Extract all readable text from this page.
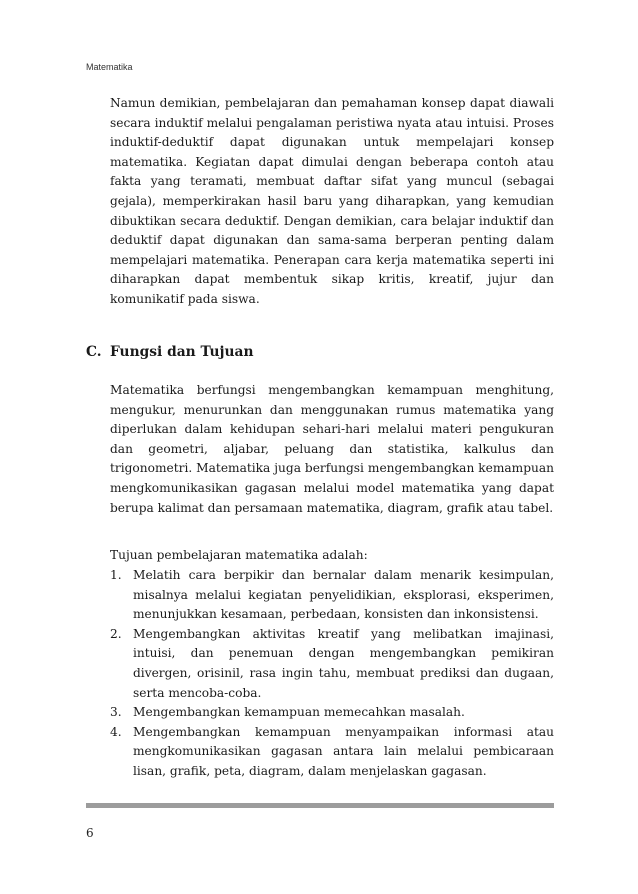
Matematika

Namun demikian, pembelajaran dan pemahaman konsep dapat diawali secara induktif melalui pengalaman peristiwa nyata atau intuisi. Proses induktif-deduktif dapat digunakan untuk mempelajari konsep matematika. Kegiatan dapat dimulai dengan beberapa contoh atau fakta yang teramati, membuat daftar sifat yang muncul (sebagai gejala), memperkirakan hasil baru yang diharapkan, yang kemudian dibuktikan secara deduktif. Dengan demikian, cara belajar induktif dan deduktif dapat digunakan dan sama-sama berperan penting dalam mempelajari matematika. Penerapan cara kerja matematika seperti ini diharapkan dapat membentuk sikap kritis, kreatif, jujur dan komunikatif pada siswa.

C. Fungsi dan Tujuan

Matematika berfungsi mengembangkan kemampuan menghitung, mengukur, menurunkan dan menggunakan rumus matematika yang diperlukan dalam kehidupan sehari-hari melalui materi pengukuran dan geometri, aljabar, peluang dan statistika, kalkulus dan trigonometri. Matematika juga berfungsi mengembangkan kemampuan mengkomunikasikan gagasan melalui model matematika yang dapat berupa kalimat dan persamaan matematika, diagram, grafik atau tabel.

Tujuan pembelajaran matematika adalah:

1. Melatih cara berpikir dan bernalar dalam menarik kesimpulan, misalnya melalui kegiatan penyelidikian, eksplorasi, eksperimen, menunjukkan kesamaan, perbedaan, konsisten dan inkonsistensi.
2. Mengembangkan aktivitas kreatif yang melibatkan imajinasi, intuisi, dan penemuan dengan mengembangkan pemikiran divergen, orisinil, rasa ingin tahu, membuat prediksi dan dugaan, serta mencoba-coba.
3. Mengembangkan kemampuan memecahkan masalah.
4. Mengembangkan kemampuan menyampaikan informasi atau mengkomunikasikan gagasan antara lain melalui pembicaraan lisan, grafik, peta, diagram, dalam menjelaskan gagasan.
6
